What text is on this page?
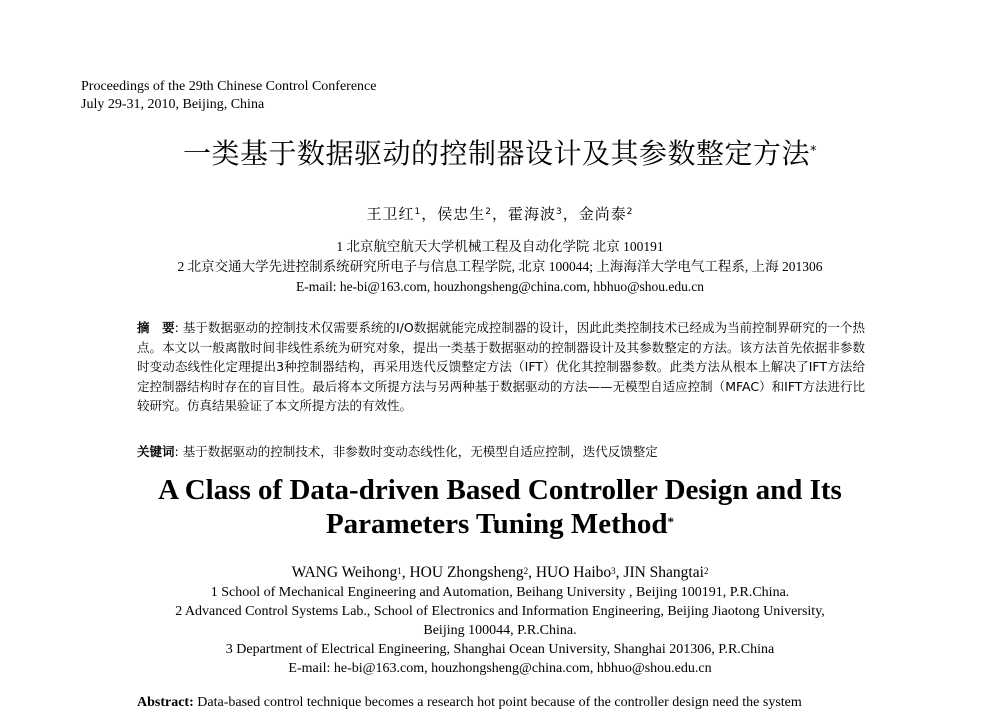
Proceedings of the 29th Chinese Control Conference
July 29-31, 2010, Beijing, China
一类基于数据驱动的控制器设计及其参数整定方法*
王卫红$^1$，侯忠生$^2$，霍海波$^3$，金尚泰$^2$
1 北京航空航天大学机械工程及自动化学院 北京 100191
2 北京交通大学先进控制系统研究所电子与信息工程学院, 北京 100044; 上海海洋大学电气工程系, 上海 201306
E-mail: he-bi@163.com, houzhongsheng@china.com, hbhuo@shou.edu.cn
摘　要: 基于数据驱动的控制技术仅需要系统的I/O数据就能完成控制器的设计，因此此类控制技术已经成为当前控制界研究的一个热点。本文以一般离散时间非线性系统为研究对象，提出一类基于数据驱动的控制器设计及其参数整定的方法。该方法首先依据非参数时变动态线性化定理提出3种控制器结构，再采用迭代反馈整定方法（IFT）优化其控制器参数。此类方法从根本上解决了IFT方法给定控制器结构时存在的盲目性。最后将本文所提方法与另两种基于数据驱动的方法——无模型自适应控制（MFAC）和IFT方法进行比较研究。仿真结果验证了本文所提方法的有效性。
关键词: 基于数据驱动的控制技术，非参数时变动态线性化，无模型自适应控制，迭代反馈整定
A Class of Data-driven Based Controller Design and Its
Parameters Tuning Method*
WANG Weihong$^1$, HOU Zhongsheng$^2$, HUO Haibo$^3$, JIN Shangtai$^2$
1 School of Mechanical Engineering and Automation, Beihang University , Beijing 100191, P.R.China.
2 Advanced Control Systems Lab., School of Electronics and Information Engineering, Beijing Jiaotong University,
Beijing 100044, P.R.China.
3 Department of Electrical Engineering, Shanghai Ocean University, Shanghai 201306, P.R.China
E-mail: he-bi@163.com, houzhongsheng@china.com, hbhuo@shou.edu.cn
Abstract: Data-based control technique becomes a research hot point because of the controller design need the system
